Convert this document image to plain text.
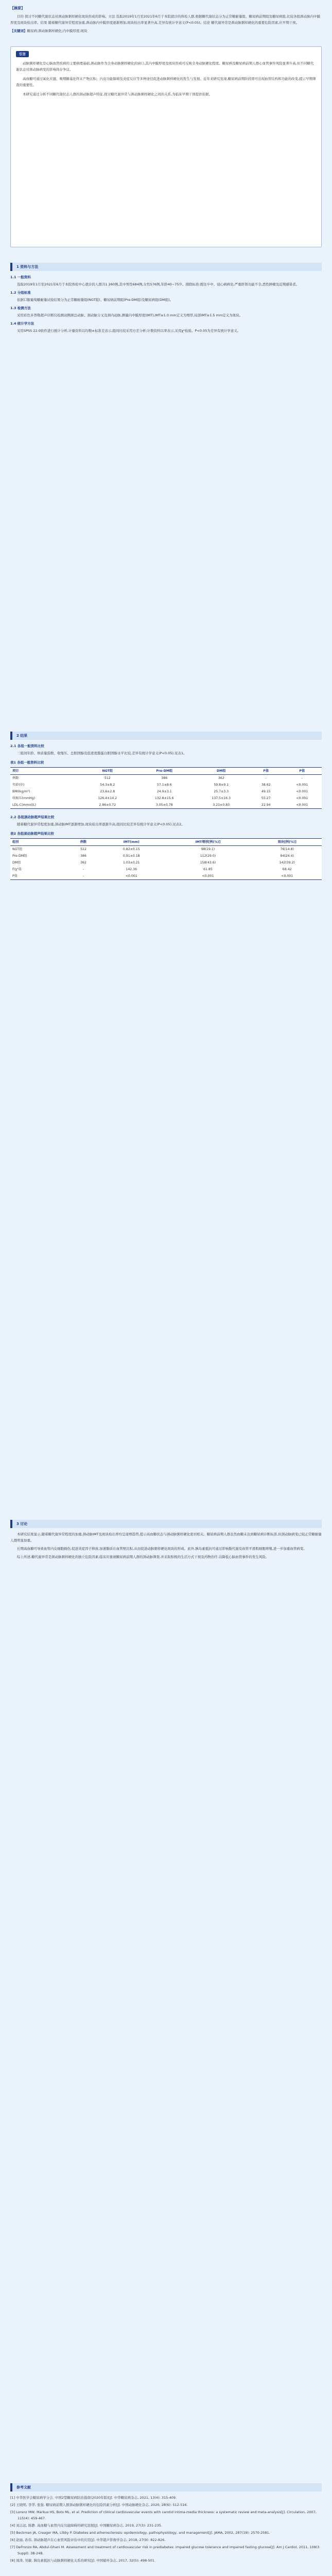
【摘要】
目的 探讨不同糖代谢状态对颈动脉粥样硬化斑块形成的影响。方法 选取2019年1月至2021年6月于本院就诊的体检人群,根据糖代谢状态分为正常糖耐量组、糖尿病前期组及糖尿病组,比较各组颈动脉内中膜厚度及斑块检出率。结果 随着糖代谢异常程度加重,颈动脉内中膜厚度逐渐增加,斑块检出率显著升高,差异有统计学意义(P<0.05)。结论 糖代谢异常是颈动脉粥样硬化的重要危险因素,应早期干预。
【关键词】糖尿病;颈动脉粥样硬化;内中膜厚度;斑块
引言

动脉粥样硬化是心脑血管疾病的主要病理基础,颈动脉作为全身动脉粥样硬化的窗口,其内中膜厚度及斑块形成可反映全身动脉硬化程度。糖尿病及糖尿病前期人群心血管事件风险显著升高,但不同糖代谢状态对颈动脉病变的影响尚存争议。

高血糖可通过氧化应激、晚期糖基化终末产物沉积、内皮功能障碍及炎症反应等多种途径促进动脉粥样硬化的发生与发展。近年来研究发现,糖尿病前期阶段即可出现血管结构和功能的改变,提示早期筛查的重要性。

本研究通过分析不同糖代谢状态人群的颈动脉超声特征,探讨糖代谢异常与颈动脉粥样硬化之间的关系,为临床早期干预提供依据。

1 资料与方法
1.1 一般资料

选取2019年1月至2021年6月于本院体检中心就诊的人群共1 260例,其中男性684例,女性576例,年龄40~75岁。排除标准:既往卒中、冠心病病史,严重肝肾功能不全,恶性肿瘤及近期感染者。

1.2 分组标准

依据口服葡萄糖耐量试验结果分为正常糖耐量组(NGT组)、糖尿病前期组(Pre-DM组)及糖尿病组(DM组)。

1.3 检测方法

采用彩色多普勒超声诊断仪检测双侧颈总动脉、颈动脉分叉及颈内动脉,测量内中膜厚度(IMT),IMT≥1.0 mm定义为增厚,局部IMT≥1.5 mm定义为斑块。

1.4 统计学方法

采用SPSS 22.0软件进行统计分析,计量资料以均数±标准差表示,组间比较采用方差分析;计数资料以率表示,采用χ²检验。P<0.05为差异有统计学意义。

2 结果
2.1 各组一般资料比较

三组间年龄、体质量指数、收缩压、总胆固醇及低密度脂蛋白胆固醇水平比较,差异有统计学意义(P<0.05),见表1。

表1 各组一般资料比较
项目	NGT组	Pre-DM组	DM组	F值	P值
例数	512	386	362	-	-
年龄(岁)	54.3±8.2	57.1±8.6	59.8±9.1	38.62	<0.001
BMI(kg/m²)	23.6±2.8	24.9±3.1	25.7±3.3	49.15	<0.001
收缩压(mmHg)	126.4±14.2	132.8±15.6	137.5±16.3	55.27	<0.001
LDL-C(mmol/L)	2.86±0.72	3.05±0.78	3.21±0.83	22.94	<0.001
2.2 各组颈动脉超声结果比较

随着糖代谢异常程度加重,颈动脉IMT逐渐增加,斑块检出率逐渐升高,组间比较差异有统计学意义(P<0.05),见表2。

表2 各组颈动脉超声结果比较
组别	例数	IMT(mm)	IMT增厚[例(%)]	斑块[例(%)]
NGT组	512	0.82±0.15	98(19.1)	76(14.8)
Pre-DM组	386	0.91±0.18	112(29.0)	94(24.4)
DM组	362	1.03±0.21	158(43.6)	142(39.2)
F/χ²值	-	142.36	61.85	68.42
P值	-	<0.001	<0.001	<0.001
3 讨论

本研究结果显示,随着糖代谢异常程度的加重,颈动脉IMT及斑块检出率均呈递增趋势,提示高血糖状态与颈动脉粥样硬化密切相关。糖尿病前期人群虽然血糖未达到糖尿病诊断标准,但颈动脉病变已较正常糖耐量人群明显加重。

长期高血糖可导致血管内皮细胞损伤,促进炎症因子释放,加速脂质在血管壁沉积,从而促进动脉粥样硬化斑块的形成。此外,胰岛素抵抗可通过影响脂代谢及血管平滑肌细胞增殖,进一步加重血管病变。

综上所述,糖代谢异常是颈动脉粥样硬化的独立危险因素,临床应重视糖尿病前期人群的颈动脉筛查,并采取积极的生活方式干预及药物治疗,以降低心脑血管事件的发生风险。

参考文献
[1] 中华医学会糖尿病学分会. 中国2型糖尿病防治指南(2020年版)[J]. 中华糖尿病杂志, 2021, 13(4): 315-409.
[2] 王晓明, 李华, 张强. 糖尿病前期人群颈动脉粥样硬化的危险因素分析[J]. 中国动脉硬化杂志, 2020, 28(6): 512-516.
[3] Lorenz MW, Markus HS, Bots ML, et al. Prediction of clinical cardiovascular events with carotid intima-media thickness: a systematic review and meta-analysis[J]. Circulation, 2007, 115(4): 459-467.
[4] 刘志远, 陈静. 高血糖与血管内皮功能障碍的研究进展[J]. 中国糖尿病杂志, 2019, 27(3): 231-235.
[5] Beckman JA, Creager MA, Libby P. Diabetes and atherosclerosis: epidemiology, pathophysiology, and management[J]. JAMA, 2002, 287(19): 2570-2581.
[6] 赵丽, 孙伟. 颈动脉超声在心血管风险评估中的应用[J]. 中华超声影像学杂志, 2018, 27(9): 822-826.
[7] DeFronzo RA, Abdul-Ghani M. Assessment and treatment of cardiovascular risk in prediabetes: impaired glucose tolerance and impaired fasting glucose[J]. Am J Cardiol, 2011, 108(3 Suppl): 3B-24B.
[8] 周涛, 吴敏. 胰岛素抵抗与动脉粥样硬化关系的研究[J]. 中国循环杂志, 2017, 32(5): 498-501.
